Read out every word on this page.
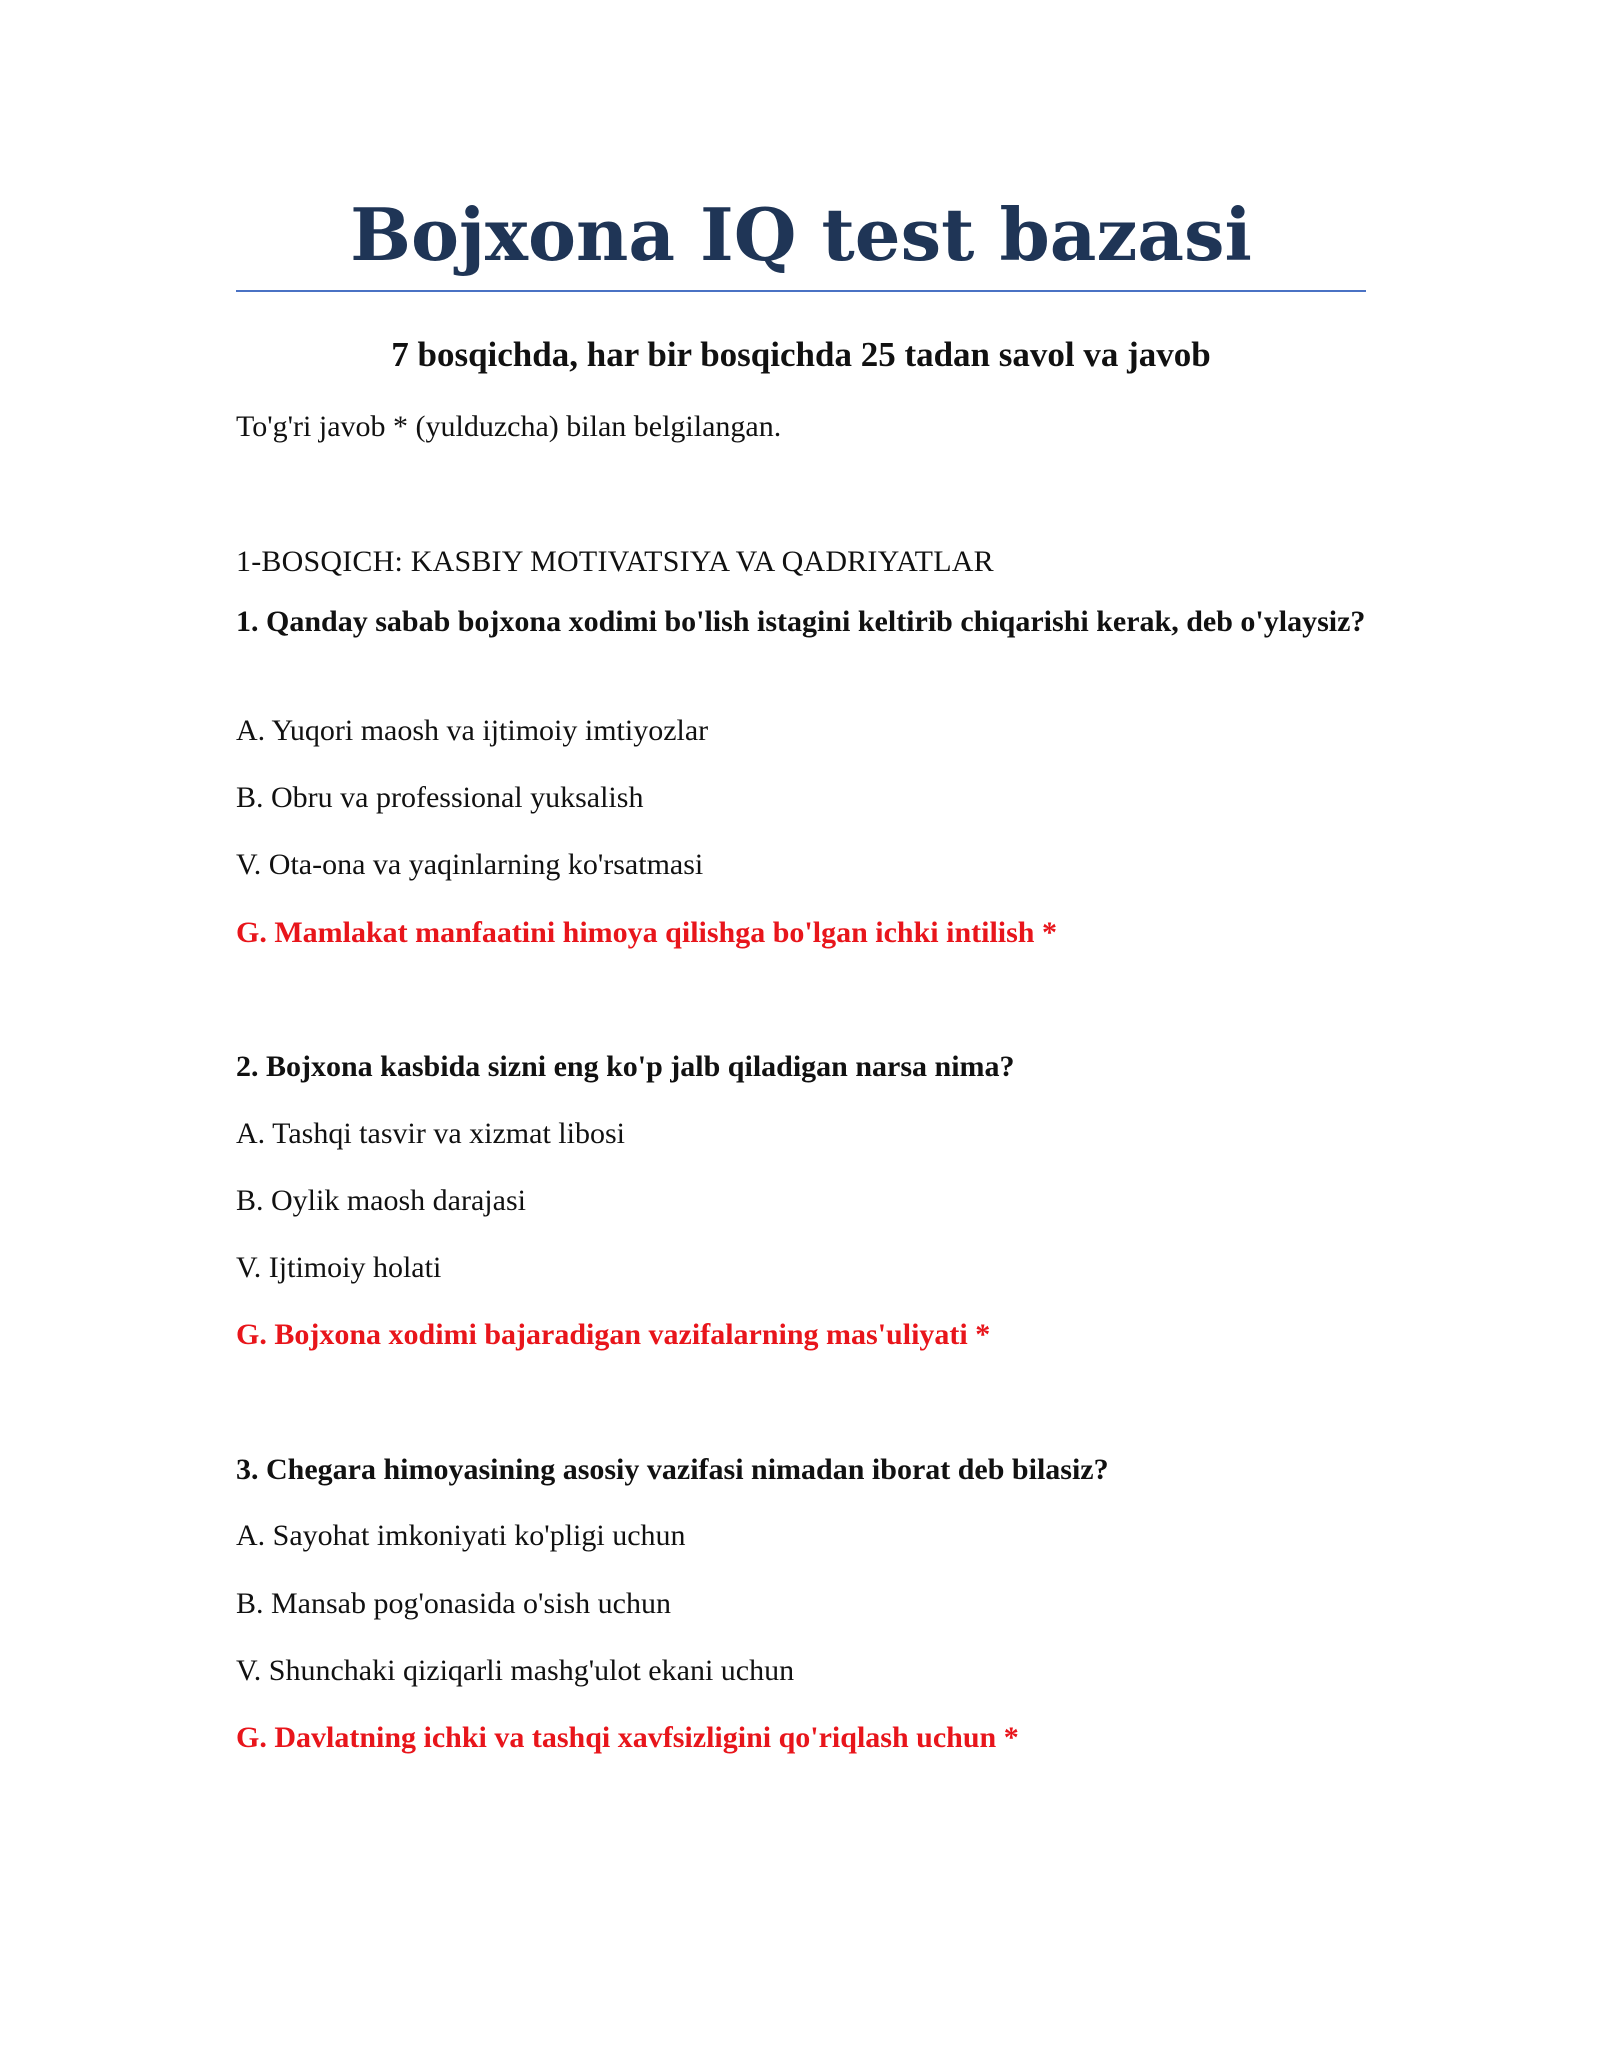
Bojxona IQ test bazasi
7 bosqichda, har bir bosqichda 25 tadan savol va javob

To'g'ri javob * (yulduzcha) bilan belgilangan.

1-BOSQICH: KASBIY MOTIVATSIYA VA QADRIYATLAR

1. Qanday sabab bojxona xodimi bo'lish istagini keltirib chiqarishi kerak, deb o'ylaysiz?

A. Yuqori maosh va ijtimoiy imtiyozlar

B. Obru va professional yuksalish

V. Ota-ona va yaqinlarning ko'rsatmasi

G. Mamlakat manfaatini himoya qilishga bo'lgan ichki intilish *

2. Bojxona kasbida sizni eng ko'p jalb qiladigan narsa nima?

A. Tashqi tasvir va xizmat libosi

B. Oylik maosh darajasi

V. Ijtimoiy holati

G. Bojxona xodimi bajaradigan vazifalarning mas'uliyati *

3. Chegara himoyasining asosiy vazifasi nimadan iborat deb bilasiz?

A. Sayohat imkoniyati ko'pligi uchun

B. Mansab pog'onasida o'sish uchun

V. Shunchaki qiziqarli mashg'ulot ekani uchun

G. Davlatning ichki va tashqi xavfsizligini qo'riqlash uchun *
